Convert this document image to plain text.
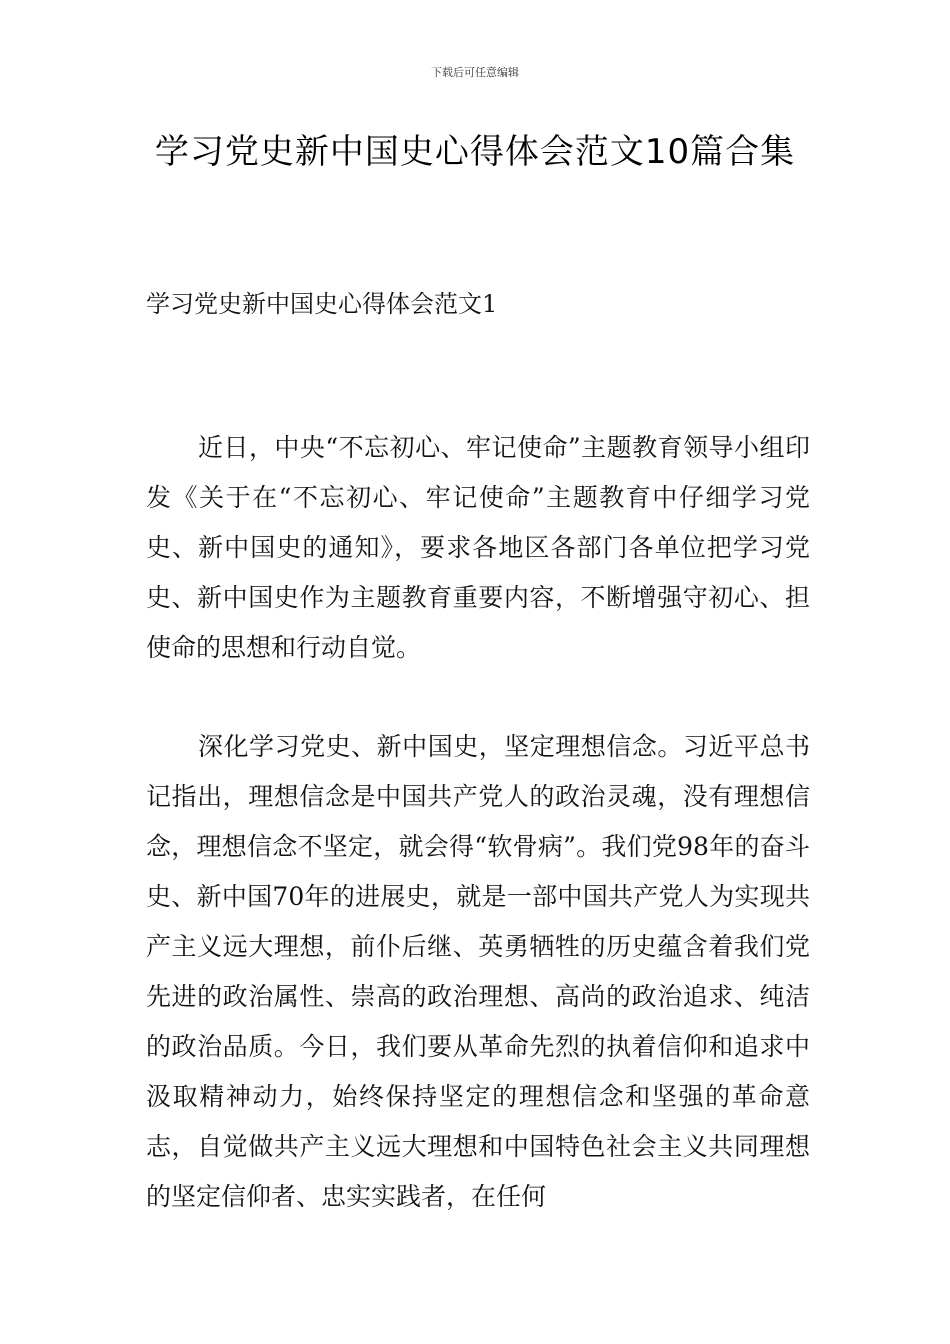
下载后可任意编辑
学习党史新中国史心得体会范文10篇合集
学习党史新中国史心得体会范文1

近日，中央“不忘初心、牢记使命”主题教育领导小组印发《关于在“不忘初心、牢记使命”主题教育中仔细学习党史、新中国史的通知》，要求各地区各部门各单位把学习党史、新中国史作为主题教育重要内容，不断增强守初心、担使命的思想和行动自觉。

深化学习党史、新中国史，坚定理想信念。习近平总书记指出，理想信念是中国共产党人的政治灵魂，没有理想信念，理想信念不坚定，就会得“软骨病”。我们党98年的奋斗史、新中国70年的进展史，就是一部中国共产党人为实现共产主义远大理想，前仆后继、英勇牺牲的历史蕴含着我们党先进的政治属性、崇高的政治理想、高尚的政治追求、纯洁的政治品质。今日，我们要从革命先烈的执着信仰和追求中汲取精神动力，始终保持坚定的理想信念和坚强的革命意志，自觉做共产主义远大理想和中国特色社会主义共同理想的坚定信仰者、忠实实践者，在任何
